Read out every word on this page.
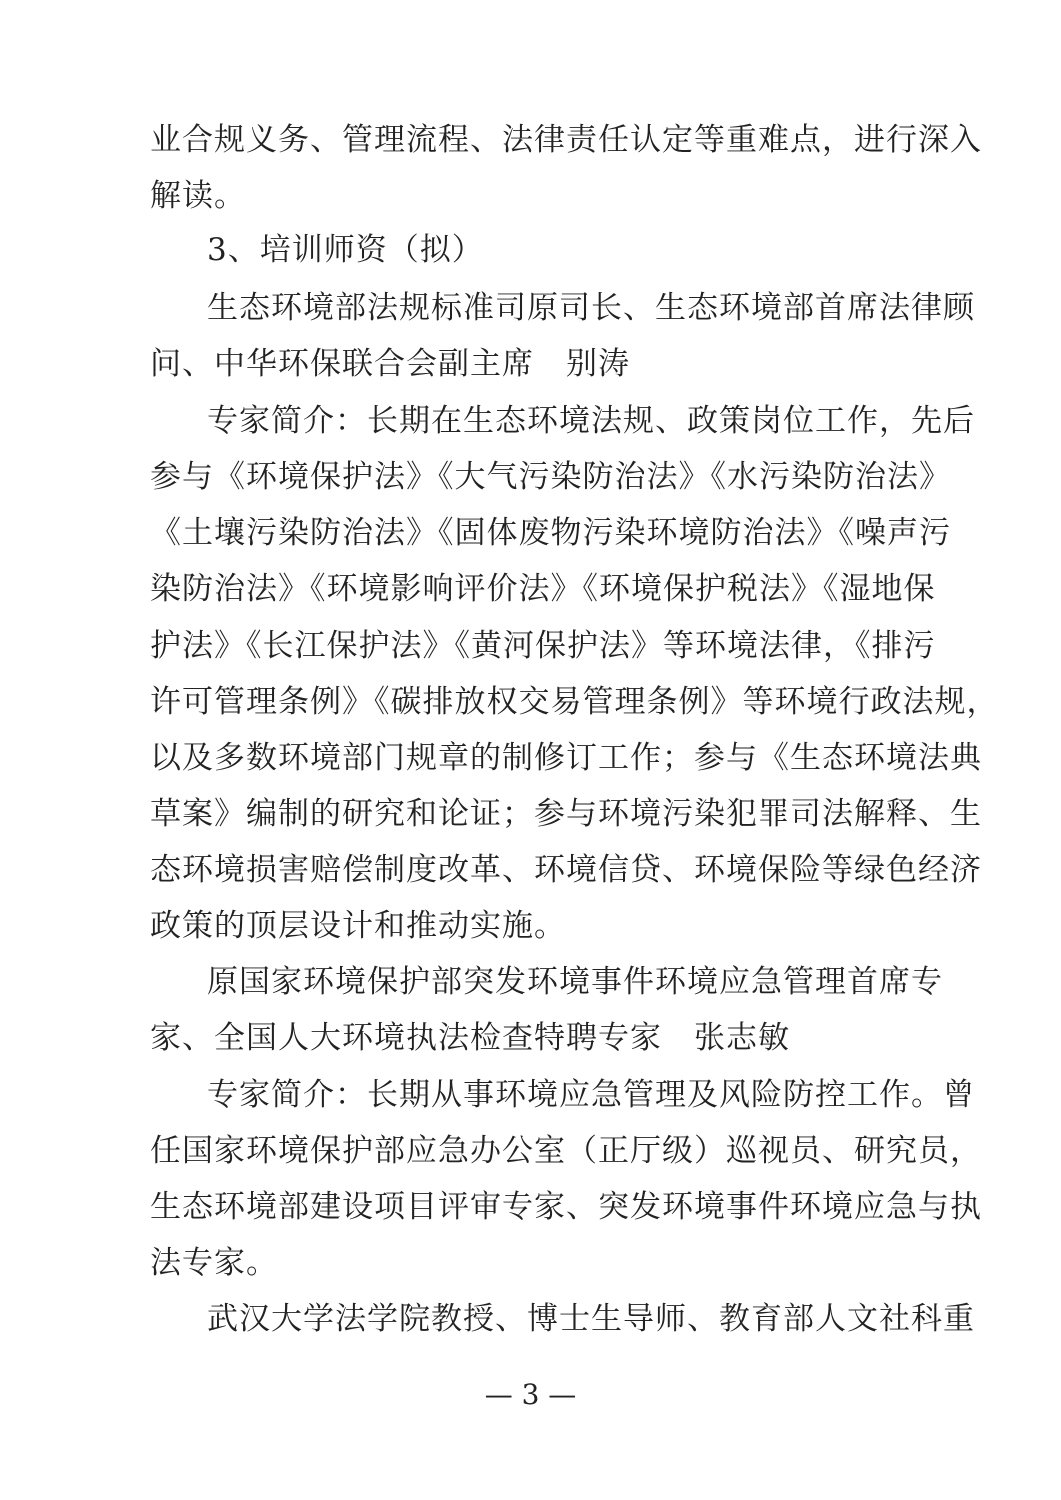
业合规义务、管理流程、法律责任认定等重难点，进行深入
解读。
3、培训师资（拟）
生态环境部法规标准司原司长、生态环境部首席法律顾
问、中华环保联合会副主席　别涛
专家简介：长期在生态环境法规、政策岗位工作，先后
参与《环境保护法》《大气污染防治法》《水污染防治法》
《土壤污染防治法》《固体废物污染环境防治法》《噪声污
染防治法》《环境影响评价法》《环境保护税法》《湿地保
护法》《长江保护法》《黄河保护法》等环境法律，《排污
许可管理条例》《碳排放权交易管理条例》等环境行政法规，
以及多数环境部门规章的制修订工作；参与《生态环境法典
草案》编制的研究和论证；参与环境污染犯罪司法解释、生
态环境损害赔偿制度改革、环境信贷、环境保险等绿色经济
政策的顶层设计和推动实施。
原国家环境保护部突发环境事件环境应急管理首席专
家、全国人大环境执法检查特聘专家　张志敏
专家简介：长期从事环境应急管理及风险防控工作。曾
任国家环境保护部应急办公室（正厅级）巡视员、研究员，
生态环境部建设项目评审专家、突发环境事件环境应急与执
法专家。
武汉大学法学院教授、博士生导师、教育部人文社科重
— 3 —
